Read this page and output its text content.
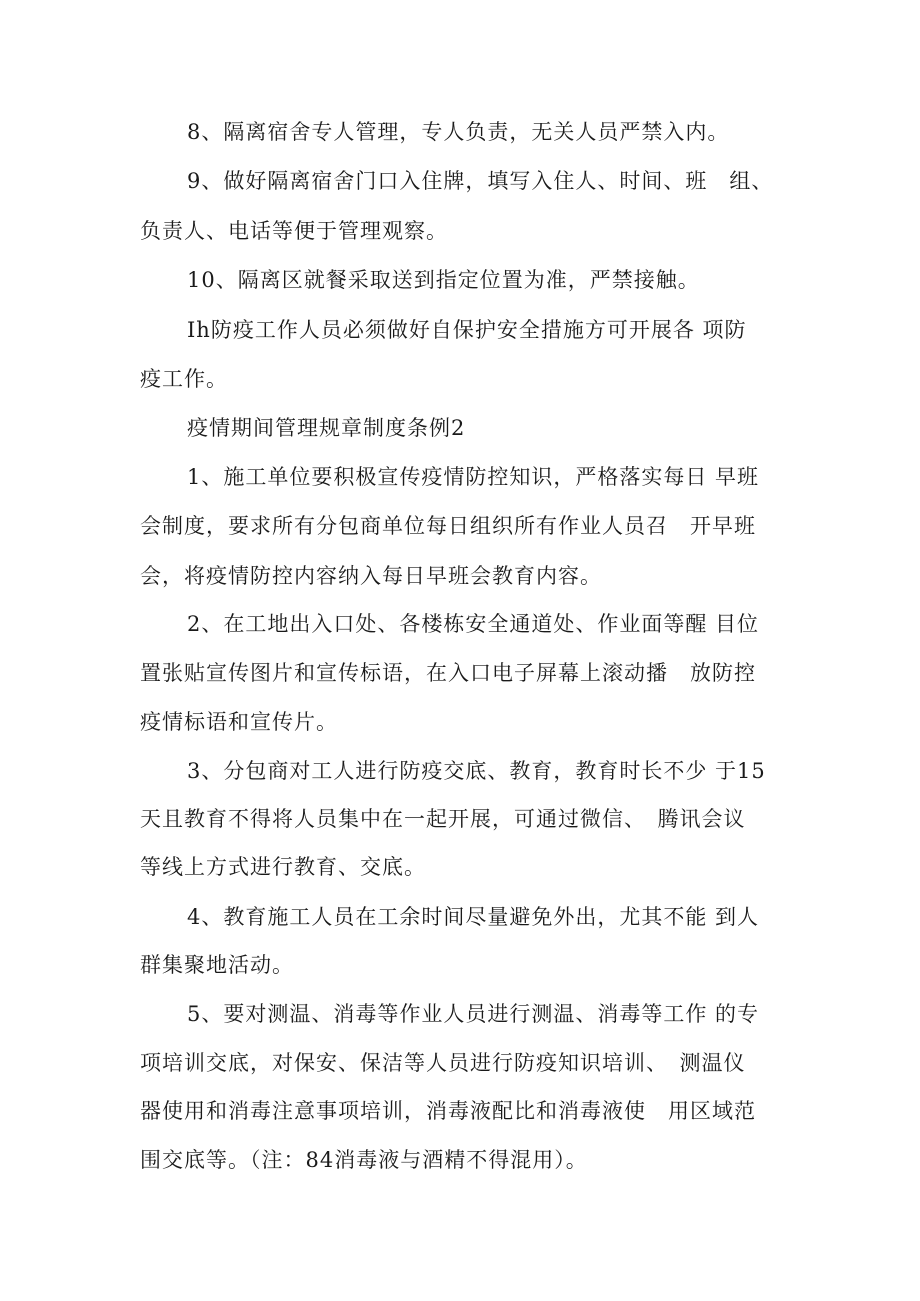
8、隔离宿舍专人管理，专人负责，无关人员严禁入内。
9、做好隔离宿舍门口入住牌，填写入住人、时间、班　组、
负责人、电话等便于管理观察。
10、隔离区就餐采取送到指定位置为准，严禁接触。
Ih防疫工作人员必须做好自保护安全措施方可开展各 项防
疫工作。
疫情期间管理规章制度条例2
1、施工单位要积极宣传疫情防控知识，严格落实每日 早班
会制度，要求所有分包商单位每日组织所有作业人员召　开早班
会，将疫情防控内容纳入每日早班会教育内容。
2、在工地出入口处、各楼栋安全通道处、作业面等醒 目位
置张贴宣传图片和宣传标语，在入口电子屏幕上滚动播　放防控
疫情标语和宣传片。
3、分包商对工人进行防疫交底、教育，教育时长不少 于15
天且教育不得将人员集中在一起开展，可通过微信、　腾讯会议
等线上方式进行教育、交底。
4、教育施工人员在工余时间尽量避免外出，尤其不能 到人
群集聚地活动。
5、要对测温、消毒等作业人员进行测温、消毒等工作 的专
项培训交底，对保安、保洁等人员进行防疫知识培训、　测温仪
器使用和消毒注意事项培训，消毒液配比和消毒液使　用区域范
围交底等。（注：84消毒液与酒精不得混用）。
